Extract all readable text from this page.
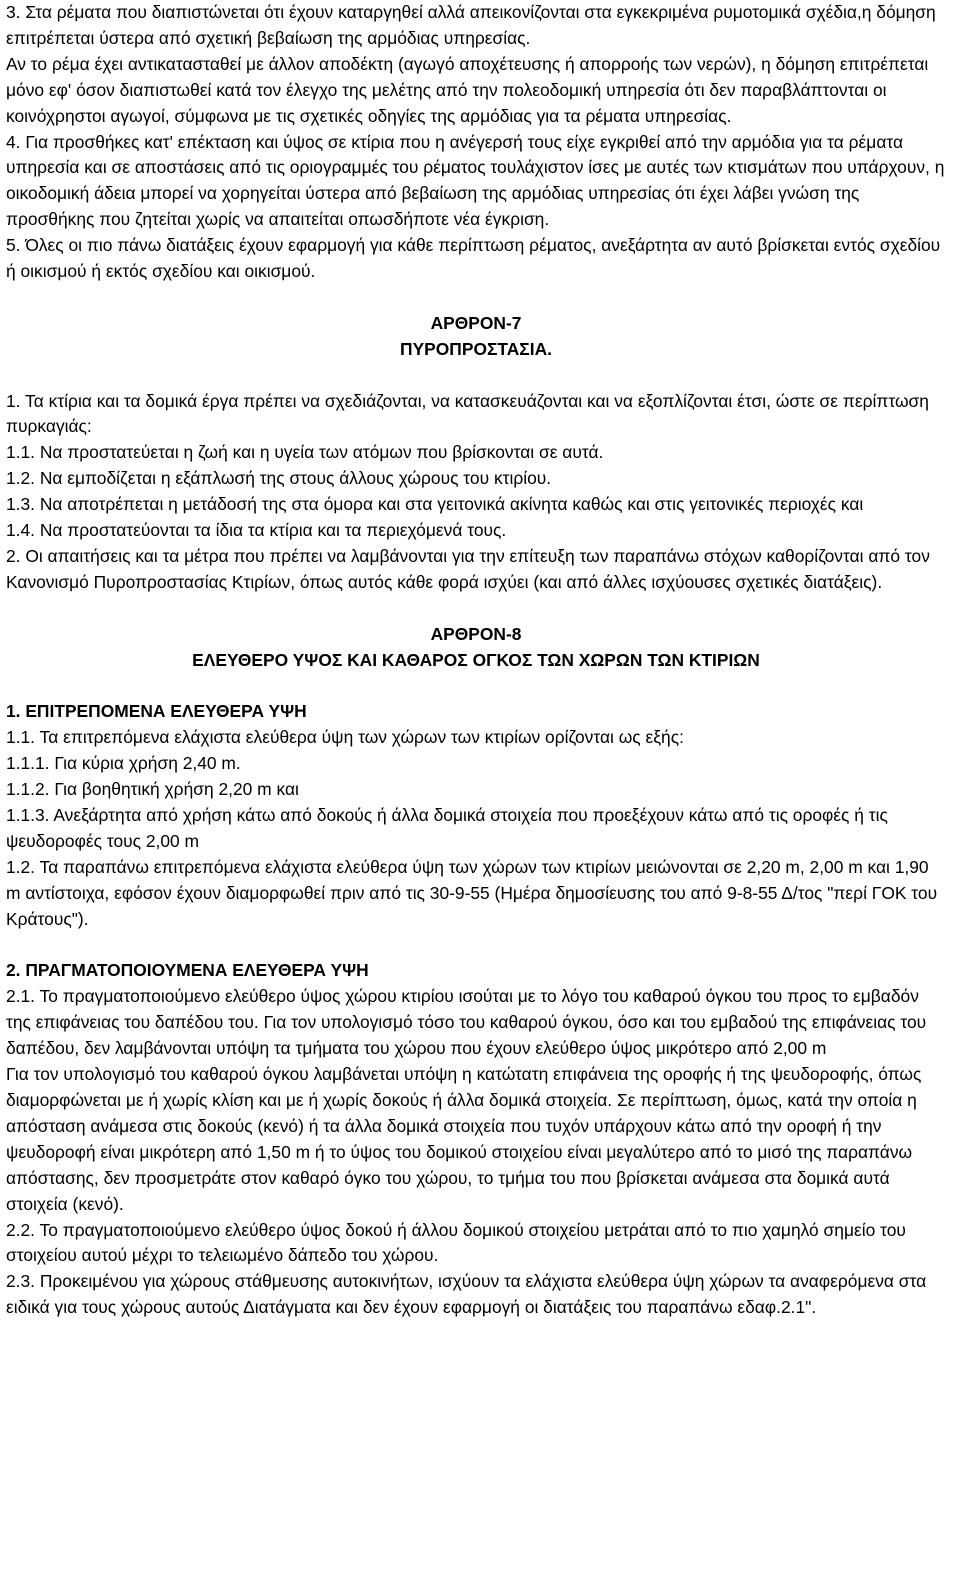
3. Στα ρέματα που διαπιστώνεται ότι έχουν καταργηθεί αλλά απεικονίζονται στα εγκεκριμένα ρυμοτομικά σχέδια,η δόμηση επιτρέπεται ύστερα από σχετική βεβαίωση της αρμόδιας υπηρεσίας.

Αν το ρέμα έχει αντικατασταθεί με άλλον αποδέκτη (αγωγό αποχέτευσης ή απορροής των νερών), η δόμηση επιτρέπεται μόνο εφ' όσον διαπιστωθεί κατά τον έλεγχο της μελέτης από την πολεοδομική υπηρεσία ότι δεν παραβλάπτονται οι κοινόχρηστοι αγωγοί, σύμφωνα με τις σχετικές οδηγίες της αρμόδιας για τα ρέματα υπηρεσίας.

4. Για προσθήκες κατ' επέκταση και ύψος σε κτίρια που η ανέγερσή τους είχε εγκριθεί από την αρμόδια για τα ρέματα υπηρεσία και σε αποστάσεις από τις οριογραμμές του ρέματος τουλάχιστον ίσες με αυτές των κτισμάτων που υπάρχουν, η οικοδομική άδεια μπορεί να χορηγείται ύστερα από βεβαίωση της αρμόδιας υπηρεσίας ότι έχει λάβει γνώση της προσθήκης που ζητείται χωρίς να απαιτείται οπωσδήποτε νέα έγκριση.

5. Όλες οι πιο πάνω διατάξεις έχουν εφαρμογή για κάθε περίπτωση ρέματος, ανεξάρτητα αν αυτό βρίσκεται εντός σχεδίου ή οικισμού ή εκτός σχεδίου και οικισμού.

ΑΡΘΡΟΝ-7

ΠΥΡΟΠΡΟΣΤΑΣΙΑ.

1. Τα κτίρια και τα δομικά έργα πρέπει να σχεδιάζονται, να κατασκευάζονται και να εξοπλίζονται έτσι, ώστε σε περίπτωση πυρκαγιάς:

1.1. Να προστατεύεται η ζωή και η υγεία των ατόμων που βρίσκονται σε αυτά.

1.2. Να εμποδίζεται η εξάπλωσή της στους άλλους χώρους του κτιρίου.

1.3. Να αποτρέπεται η μετάδοσή της στα όμορα και στα γειτονικά ακίνητα καθώς και στις γειτονικές περιοχές και

1.4. Να προστατεύονται τα ίδια τα κτίρια και τα περιεχόμενά τους.

2. Οι απαιτήσεις και τα μέτρα που πρέπει να λαμβάνονται για την επίτευξη των παραπάνω στόχων καθορίζονται από τον Κανονισμό Πυροπροστασίας Κτιρίων, όπως αυτός κάθε φορά ισχύει (και από άλλες ισχύουσες σχετικές διατάξεις).

ΑΡΘΡΟΝ-8

ΕΛΕΥΘΕΡΟ ΥΨΟΣ ΚΑΙ ΚΑΘΑΡΟΣ ΟΓΚΟΣ ΤΩΝ ΧΩΡΩΝ ΤΩΝ ΚΤΙΡΙΩΝ

1. ΕΠΙΤΡΕΠΟΜΕΝΑ ΕΛΕΥΘΕΡΑ ΥΨΗ

1.1. Τα επιτρεπόμενα ελάχιστα ελεύθερα ύψη των χώρων των κτιρίων ορίζονται ως εξής:

1.1.1. Για κύρια χρήση 2,40 m.

1.1.2. Για βοηθητική χρήση 2,20 m και

1.1.3. Ανεξάρτητα από χρήση κάτω από δοκούς ή άλλα δομικά στοιχεία που προεξέχουν κάτω από τις οροφές ή τις ψευδοροφές τους 2,00 m

1.2. Τα παραπάνω επιτρεπόμενα ελάχιστα ελεύθερα ύψη των χώρων των κτιρίων μειώνονται σε 2,20 m, 2,00 m και 1,90 m αντίστοιχα, εφόσον έχουν διαμορφωθεί πριν από τις 30-9-55 (Ημέρα δημοσίευσης του από 9-8-55 Δ/τος "περί ΓΟΚ του Κράτους").

2. ΠΡΑΓΜΑΤΟΠΟΙΟΥΜΕΝΑ ΕΛΕΥΘΕΡΑ ΥΨΗ

2.1. Το πραγματοποιούμενο ελεύθερο ύψος χώρου κτιρίου ισούται με το λόγο του καθαρού όγκου του προς το εμβαδόν της επιφάνειας του δαπέδου του. Για τον υπολογισμό τόσο του καθαρού όγκου, όσο και του εμβαδού της επιφάνειας του δαπέδου, δεν λαμβάνονται υπόψη τα τμήματα του χώρου που έχουν ελεύθερο ύψος μικρότερο από 2,00 m

Για τον υπολογισμό του καθαρού όγκου λαμβάνεται υπόψη η κατώτατη επιφάνεια της οροφής ή της ψευδοροφής, όπως διαμορφώνεται με ή χωρίς κλίση και με ή χωρίς δοκούς ή άλλα δομικά στοιχεία. Σε περίπτωση, όμως, κατά την οποία η απόσταση ανάμεσα στις δοκούς (κενό) ή τα άλλα δομικά στοιχεία που τυχόν υπάρχουν κάτω από την οροφή ή την ψευδοροφή είναι μικρότερη από 1,50 m ή το ύψος του δομικού στοιχείου είναι μεγαλύτερο από το μισό της παραπάνω απόστασης, δεν προσμετράτε στον καθαρό όγκο του χώρου, το τμήμα του που βρίσκεται ανάμεσα στα δομικά αυτά στοιχεία (κενό).

2.2. Το πραγματοποιούμενο ελεύθερο ύψος δοκού ή άλλου δομικού στοιχείου μετράται από το πιο χαμηλό σημείο του στοιχείου αυτού μέχρι το τελειωμένο δάπεδο του χώρου.

2.3. Προκειμένου για χώρους στάθμευσης αυτοκινήτων, ισχύουν τα ελάχιστα ελεύθερα ύψη χώρων τα αναφερόμενα στα ειδικά για τους χώρους αυτούς Διατάγματα και δεν έχουν εφαρμογή οι διατάξεις του παραπάνω εδαφ.2.1".
